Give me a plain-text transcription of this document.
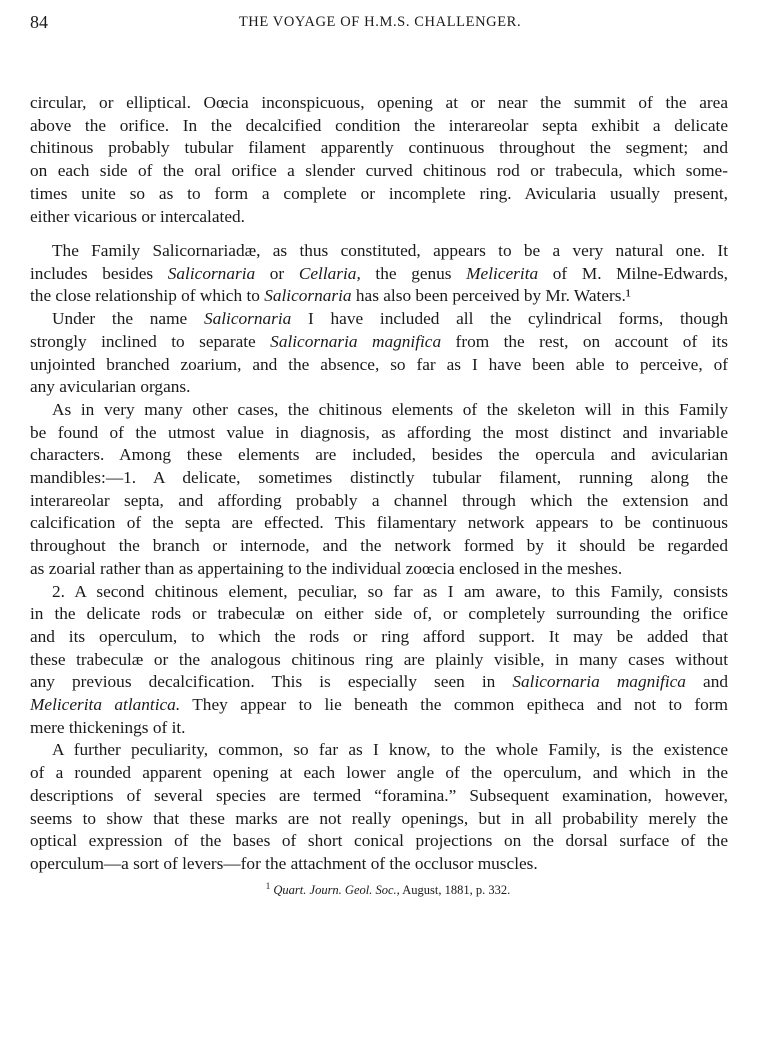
84	THE VOYAGE OF H.M.S. CHALLENGER.
circular, or elliptical. Oœcia inconspicuous, opening at or near the summit of the area
above the orifice. In the decalcified condition the interareolar septa exhibit a delicate
chitinous probably tubular filament apparently continuous throughout the segment; and
on each side of the oral orifice a slender curved chitinous rod or trabecula, which some-
times unite so as to form a complete or incomplete ring. Avicularia usually present,
either vicarious or intercalated.
The Family Salicornariadæ, as thus constituted, appears to be a very natural one. It
includes besides Salicornaria or Cellaria, the genus Melicerita of M. Milne-Edwards,
the close relationship of which to Salicornaria has also been perceived by Mr. Waters.¹
Under the name Salicornaria I have included all the cylindrical forms, though
strongly inclined to separate Salicornaria magnifica from the rest, on account of its
unjointed branched zoarium, and the absence, so far as I have been able to perceive, of
any avicularian organs.
As in very many other cases, the chitinous elements of the skeleton will in this Family
be found of the utmost value in diagnosis, as affording the most distinct and invariable
characters. Among these elements are included, besides the opercula and avicularian
mandibles:—1. A delicate, sometimes distinctly tubular filament, running along the
interareolar septa, and affording probably a channel through which the extension and
calcification of the septa are effected. This filamentary network appears to be continuous
throughout the branch or internode, and the network formed by it should be regarded
as zoarial rather than as appertaining to the individual zoœcia enclosed in the meshes.
2. A second chitinous element, peculiar, so far as I am aware, to this Family, consists
in the delicate rods or trabeculæ on either side of, or completely surrounding the orifice
and its operculum, to which the rods or ring afford support. It may be added that
these trabeculæ or the analogous chitinous ring are plainly visible, in many cases without
any previous decalcification. This is especially seen in Salicornaria magnifica and
Melicerita atlantica. They appear to lie beneath the common epitheca and not to form
mere thickenings of it.
A further peculiarity, common, so far as I know, to the whole Family, is the existence
of a rounded apparent opening at each lower angle of the operculum, and which in the
descriptions of several species are termed “foramina.” Subsequent examination, however,
seems to show that these marks are not really openings, but in all probability merely the
optical expression of the bases of short conical projections on the dorsal surface of the
operculum—a sort of levers—for the attachment of the occlusor muscles.
$^1$ Quart. Journ. Geol. Soc., August, 1881, p. 332.
